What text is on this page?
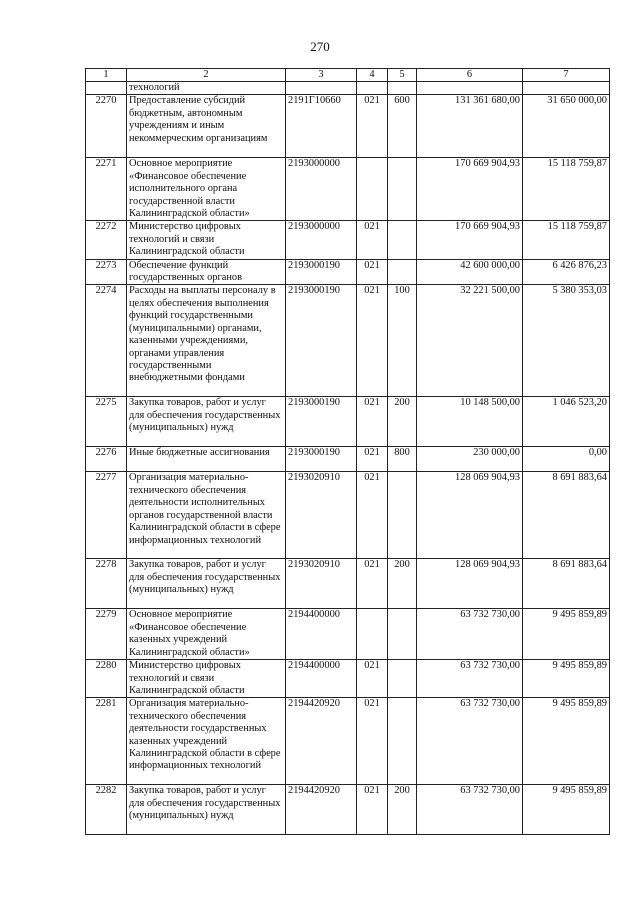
270
1	2	3	4	5	6	7
	технологий					
2270	Предоставление субсидий бюджетным, автономным учреждениям и иным некоммерческим организациям	2191Г10660	021	600	131 361 680,00	31 650 000,00
2271	Основное мероприятие «Финансовое обеспечение исполнительного органа государственной власти Калининградской области»	2193000000			170 669 904,93	15 118 759,87
2272	Министерство цифровых технологий и связи Калининградской области	2193000000	021		170 669 904,93	15 118 759,87
2273	Обеспечение функций государственных органов	2193000190	021		42 600 000,00	6 426 876,23
2274	Расходы на выплаты персоналу в целях обеспечения выполнения функций государственными (муниципальными) органами, казенными учреждениями, органами управления государственными внебюджетными фондами	2193000190	021	100	32 221 500,00	5 380 353,03
2275	Закупка товаров, работ и услуг для обеспечения государственных (муниципальных) нужд	2193000190	021	200	10 148 500,00	1 046 523,20
2276	Иные бюджетные ассигнования	2193000190	021	800	230 000,00	0,00
2277	Организация материально-технического обеспечения деятельности исполнительных органов государственной власти Калининградской области в сфере информационных технологий	2193020910	021		128 069 904,93	8 691 883,64
2278	Закупка товаров, работ и услуг для обеспечения государственных (муниципальных) нужд	2193020910	021	200	128 069 904,93	8 691 883,64
2279	Основное мероприятие «Финансовое обеспечение казенных учреждений Калининградской области»	2194400000			63 732 730,00	9 495 859,89
2280	Министерство цифровых технологий и связи Калининградской области	2194400000	021		63 732 730,00	9 495 859,89
2281	Организация материально-технического обеспечения деятельности государственных казенных учреждений Калининградской области в сфере информационных технологий	2194420920	021		63 732 730,00	9 495 859,89
2282	Закупка товаров, работ и услуг для обеспечения государственных (муниципальных) нужд	2194420920	021	200	63 732 730,00	9 495 859,89
